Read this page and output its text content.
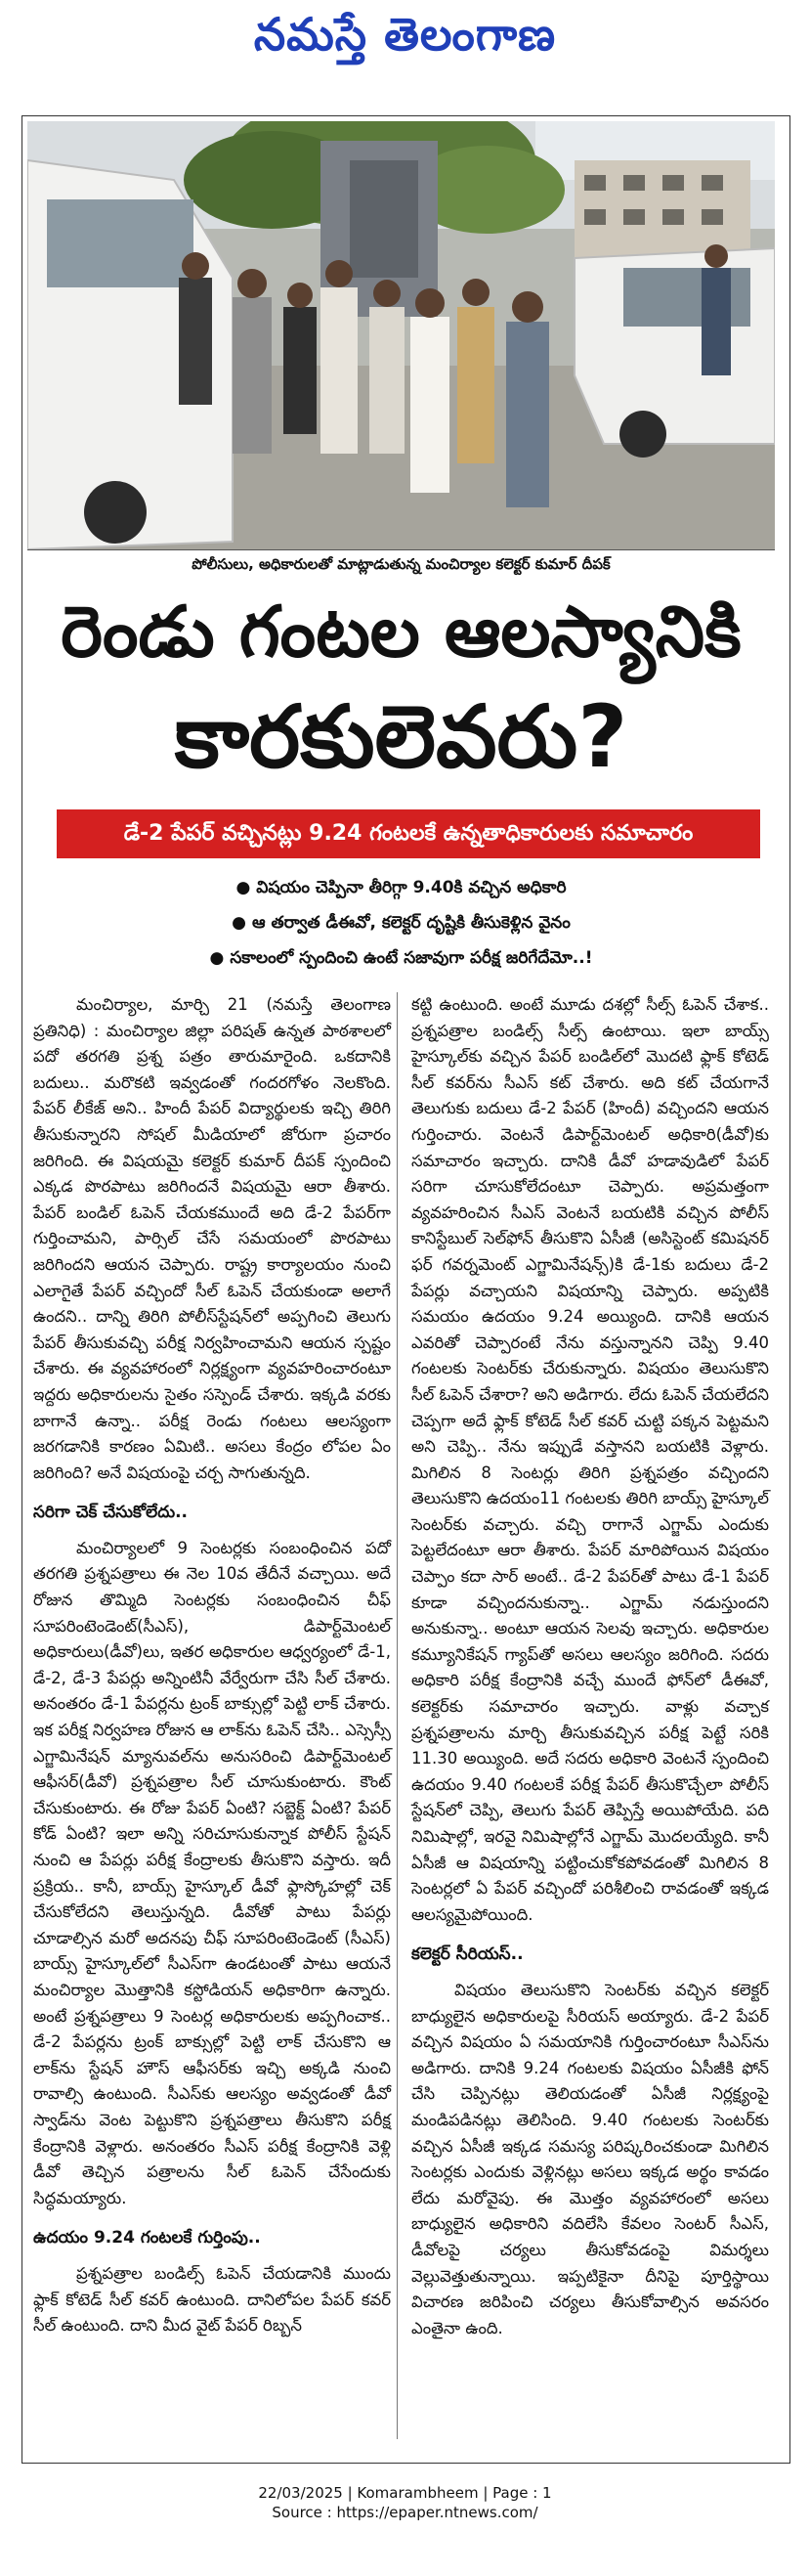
నమస్తే తెలంగాణ
పోలీసులు, అధికారులతో మాట్లాడుతున్న మంచిర్యాల కలెక్టర్ కుమార్ దీపక్
రెండు గంటల ఆలస్యానికి
కారకులెవరు?
డే-2 పేపర్ వచ్చినట్లు 9.24 గంటలకే ఉన్నతాధికారులకు సమాచారం
● విషయం చెప్పినా తీరిగ్గా 9.40కి వచ్చిన అధికారి
● ఆ తర్వాత డీఈవో, కలెక్టర్ దృష్టికి తీసుకెళ్లిన వైనం
● సకాలంలో స్పందించి ఉంటే సజావుగా పరీక్ష జరిగేదేమో..!

మంచిర్యాల, మార్చి 21 (నమస్తే తెలంగాణ ప్రతినిధి) : మంచిర్యాల జిల్లా పరిషత్ ఉన్నత పాఠశాలలో పదో తరగతి ప్రశ్న పత్రం తారుమారైంది. ఒకదానికి బదులు.. మరొకటి ఇవ్వడంతో గందరగోళం నెలకొంది. పేపర్ లీకేజ్ అని.. హిందీ పేపర్ విద్యార్థులకు ఇచ్చి తిరిగి తీసుకున్నారని సోషల్ మీడియాలో జోరుగా ప్రచారం జరిగింది. ఈ విషయమై కలెక్టర్ కుమార్ దీపక్ స్పందించి ఎక్కడ పొరపాటు జరిగిందనే విషయమై ఆరా తీశారు. పేపర్ బండిల్ ఓపెన్ చేయకముందే అది డే-2 పేపర్‌గా గుర్తించామని, పార్సిల్ చేసే సమయంలో పొరపాటు జరిగిందని ఆయన చెప్పారు. రాష్ట్ర కార్యాలయం నుంచి ఎలాగైతే పేపర్ వచ్చిందో సీల్ ఓపెన్ చేయకుండా అలాగే ఉందని.. దాన్ని తిరిగి పోలీస్‌స్టేషన్‌లో అప్పగించి తెలుగు పేపర్ తీసుకువచ్చి పరీక్ష నిర్వహించామని ఆయన స్పష్టం చేశారు. ఈ వ్యవహారంలో నిర్లక్ష్యంగా వ్యవహరించారంటూ ఇద్దరు అధికారులను సైతం సస్పెండ్ చేశారు. ఇక్కడి వరకు బాగానే ఉన్నా.. పరీక్ష రెండు గంటలు ఆలస్యంగా జరగడానికి కారణం ఏమిటి.. అసలు కేంద్రం లోపల ఏం జరిగింది? అనే విషయంపై చర్చ సాగుతున్నది.

సరిగా చెక్ చేసుకోలేదు..

మంచిర్యాలలో 9 సెంటర్లకు సంబంధించిన పదో తరగతి ప్రశ్నపత్రాలు ఈ నెల 10వ తేదీనే వచ్చాయి. అదే రోజున తొమ్మిది సెంటర్లకు సంబంధించిన చీఫ్ సూపరింటెండెంట్(సీఎస్), డిపార్ట్‌మెంటల్ అధికారులు(డీవో)లు, ఇతర అధికారుల ఆధ్వర్యంలో డే-1, డే-2, డే-3 పేపర్లు అన్నింటినీ వేర్వేరుగా చేసి సీల్ చేశారు. అనంతరం డే-1 పేపర్లను ట్రంక్ బాక్సుల్లో పెట్టి లాక్ చేశారు. ఇక పరీక్ష నిర్వహణ రోజున ఆ లాక్‌ను ఓపెన్ చేసి.. ఎస్సెస్సీ ఎగ్జామినేషన్ మ్యానువల్‌ను అనుసరించి డిపార్ట్‌మెంటల్ ఆఫీసర్(డీవో) ప్రశ్నపత్రాల సీల్ చూసుకుంటారు. కౌంట్ చేసుకుంటారు. ఈ రోజు పేపర్ ఏంటి? సబ్జెక్ట్ ఏంటి? పేపర్ కోడ్ ఏంటి? ఇలా అన్ని సరిచూసుకున్నాక పోలీస్ స్టేషన్ నుంచి ఆ పేపర్లు పరీక్ష కేంద్రాలకు తీసుకొని వస్తారు. ఇదీ ప్రక్రియ.. కానీ, బాయ్స్ హైస్కూల్ డీవో ఫ్లాస్కోహల్లో చెక్ చేసుకోలేదని తెలుస్తున్నది. డీవోతో పాటు పేపర్లు చూడాల్సిన మరో అదనపు చీఫ్ సూపరింటెండెంట్ (సీఎస్) బాయ్స్ హైస్కూల్‌లో సీఎస్‌గా ఉండటంతో పాటు ఆయనే మంచిర్యాల మొత్తానికి కస్టోడియన్ అధికారిగా ఉన్నారు. అంటే ప్రశ్నపత్రాలు 9 సెంటర్ల అధికారులకు అప్పగించాక.. డే-2 పేపర్లను ట్రంక్ బాక్సుల్లో పెట్టి లాక్ చేసుకొని ఆ లాక్‌ను స్టేషన్ హౌస్ ఆఫీసర్‌కు ఇచ్చి అక్కడి నుంచి రావాల్సి ఉంటుంది. సీఎస్‌కు ఆలస్యం అవ్వడంతో డీవో స్వాడ్‌ను వెంట పెట్టుకొని ప్రశ్నపత్రాలు తీసుకొని పరీక్ష కేంద్రానికి వెళ్లారు. అనంతరం సీఎస్ పరీక్ష కేంద్రానికి వెళ్లి డీవో తెచ్చిన పత్రాలను సీల్ ఓపెన్ చేసేందుకు సిద్ధమయ్యారు.

ఉదయం 9.24 గంటలకే గుర్తింపు..

ప్రశ్నపత్రాల బండిల్స్ ఓపెన్ చేయడానికి ముందు ఫ్లాక్ కోటెడ్ సీల్ కవర్ ఉంటుంది. దానిలోపల పేపర్ కవర్ సీల్ ఉంటుంది. దాని మీద వైట్ పేపర్ రిబ్బన్

కట్టి ఉంటుంది. అంటే మూడు దశల్లో సీల్స్ ఓపెన్ చేశాక.. ప్రశ్నపత్రాల బండిల్స్ సీల్స్ ఉంటాయి. ఇలా బాయ్స్ హైస్కూల్‌కు వచ్చిన పేపర్ బండిల్‌లో మొదటి ఫ్లాక్ కోటెడ్ సీల్ కవర్‌ను సీఎస్ కట్ చేశారు. అది కట్ చేయగానే తెలుగుకు బదులు డే-2 పేపర్ (హిందీ) వచ్చిందని ఆయన గుర్తించారు. వెంటనే డిపార్ట్‌మెంటల్ అధికారి(డీవో)కు సమాచారం ఇచ్చారు. దానికి డీవో హడావుడిలో పేపర్ సరిగా చూసుకోలేదంటూ చెప్పారు. అప్రమత్తంగా వ్యవహరించిన సీఎస్ వెంటనే బయటికి వచ్చిన పోలీస్ కానిస్టేబుల్ సెల్‌ఫోన్ తీసుకొని ఏసీజీ (అసిస్టెంట్ కమిషనర్ ఫర్ గవర్నమెంట్ ఎగ్జామినేషన్స్)కి డే-1కు బదులు డే-2 పేపర్లు వచ్చాయని విషయాన్ని చెప్పారు. అప్పటికి సమయం ఉదయం 9.24 అయ్యింది. దానికి ఆయన ఎవరితో చెప్పారంటే నేను వస్తున్నానని చెప్పి 9.40 గంటలకు సెంటర్‌కు చేరుకున్నారు. విషయం తెలుసుకొని సీల్ ఓపెన్ చేశారా? అని అడిగారు. లేదు ఓపెన్ చేయలేదని చెప్పగా అదే ఫ్లాక్ కోటెడ్ సీల్ కవర్ చుట్టి పక్కన పెట్టమని అని చెప్పి.. నేను ఇప్పుడే వస్తానని బయటికి వెళ్లారు. మిగిలిన 8 సెంటర్లు తిరిగి ప్రశ్నపత్రం వచ్చిందని తెలుసుకొని ఉదయం11 గంటలకు తిరిగి బాయ్స్ హైస్కూల్ సెంటర్‌కు వచ్చారు. వచ్చి రాగానే ఎగ్జామ్ ఎందుకు పెట్టలేదంటూ ఆరా తీశారు. పేపర్ మారిపోయిన విషయం చెప్పాం కదా సార్ అంటే.. డే-2 పేపర్‌తో పాటు డే-1 పేపర్ కూడా వచ్చిందనుకున్నా.. ఎగ్జామ్ నడుస్తుందని అనుకున్నా.. అంటూ ఆయన సెలవు ఇచ్చారు. అధికారుల కమ్యూనికేషన్ గ్యాప్‌తో అసలు ఆలస్యం జరిగింది. సదరు అధికారి పరీక్ష కేంద్రానికి వచ్చే ముందే ఫోన్‌లో డీఈవో, కలెక్టర్‌కు సమాచారం ఇచ్చారు. వాళ్లు వచ్చాక ప్రశ్నపత్రాలను మార్చి తీసుకువచ్చిన పరీక్ష పెట్టే సరికి 11.30 అయ్యింది. అదే సదరు అధికారి వెంటనే స్పందించి ఉదయం 9.40 గంటలకే పరీక్ష పేపర్ తీసుకొచ్చేలా పోలీస్ స్టేషన్‌లో చెప్పి, తెలుగు పేపర్ తెప్పిస్తే అయిపోయేది. పది నిమిషాల్లో, ఇరవై నిమిషాల్లోనే ఎగ్జామ్ మొదలయ్యేది. కానీ ఏసీజీ ఆ విషయాన్ని పట్టించుకోకపోవడంతో మిగిలిన 8 సెంటర్లలో ఏ పేపర్ వచ్చిందో పరిశీలించి రావడంతో ఇక్కడ ఆలస్యమైపోయింది.

కలెక్టర్ సీరియస్..

విషయం తెలుసుకొని సెంటర్‌కు వచ్చిన కలెక్టర్ బాధ్యులైన అధికారులపై సీరియస్ అయ్యారు. డే-2 పేపర్ వచ్చిన విషయం ఏ సమయానికి గుర్తించారంటూ సీఎస్‌ను అడిగారు. దానికి 9.24 గంటలకు విషయం ఏసీజీకి ఫోన్ చేసి చెప్పినట్లు తెలియడంతో ఏసీజీ నిర్లక్ష్యంపై మండిపడినట్లు తెలిసింది. 9.40 గంటలకు సెంటర్‌కు వచ్చిన ఏసీజీ ఇక్కడ సమస్య పరిష్కరించకుండా మిగిలిన సెంటర్లకు ఎందుకు వెళ్లినట్లు అసలు ఇక్కడ అర్థం కావడం లేదు మరోవైపు. ఈ మొత్తం వ్యవహారంలో అసలు బాధ్యులైన అధికారిని వదిలేసి కేవలం సెంటర్ సీఎస్, డీవోలపై చర్యలు తీసుకోవడంపై విమర్శలు వెల్లువెత్తుతున్నాయి. ఇప్పటికైనా దీనిపై పూర్తిస్థాయి విచారణ జరిపించి చర్యలు తీసుకోవాల్సిన అవసరం ఎంతైనా ఉంది.

22/03/2025 | Komarambheem | Page : 1
Source : https://epaper.ntnews.com/
